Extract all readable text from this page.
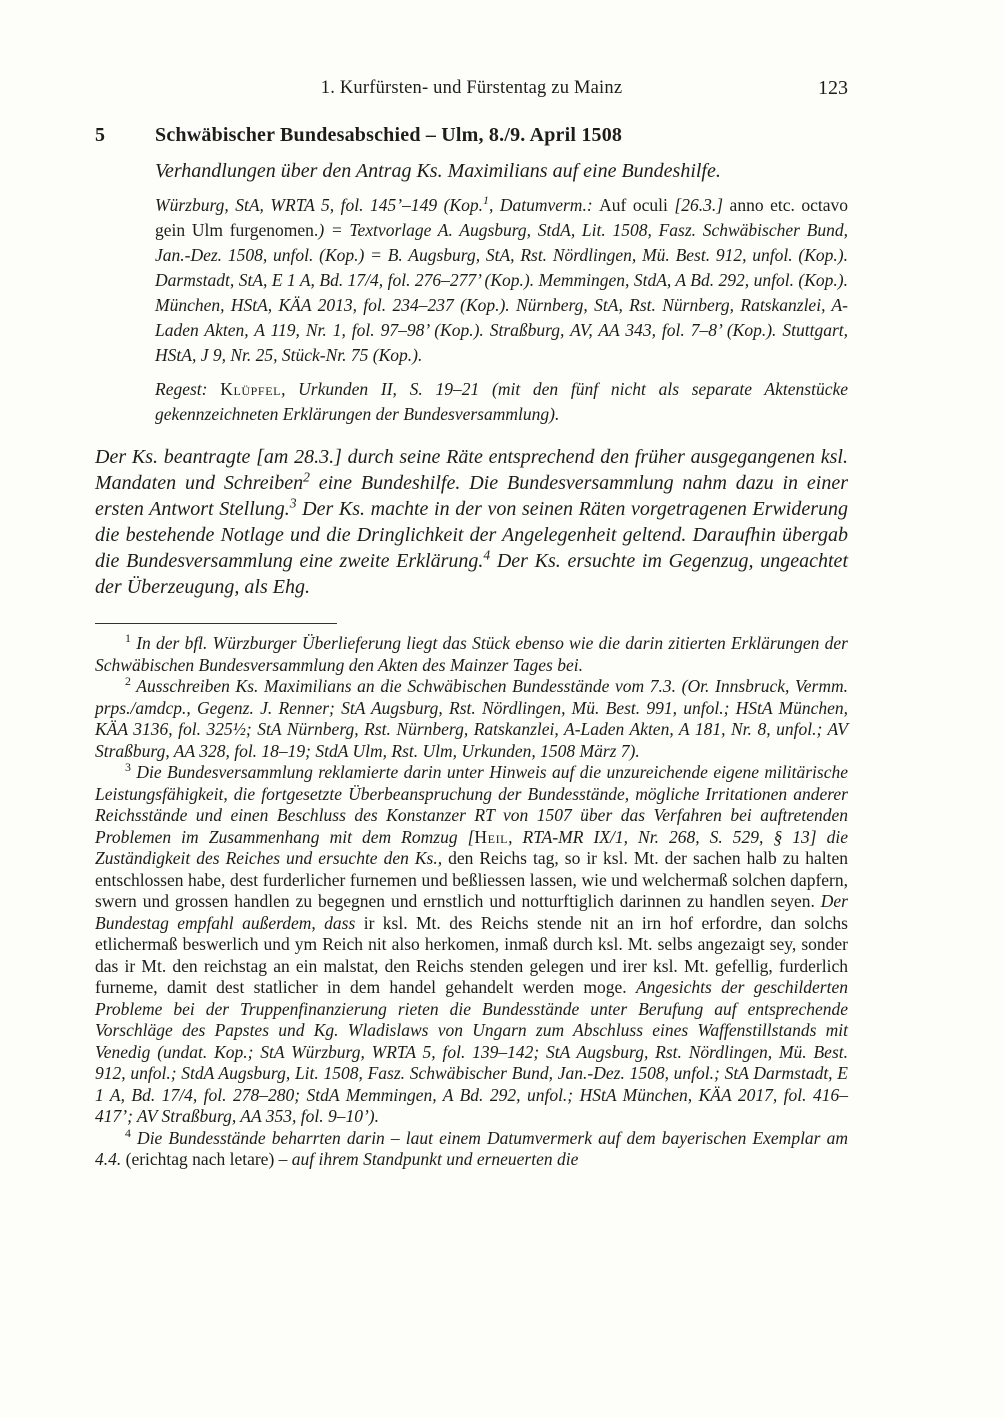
1. Kurfürsten- und Fürstentag zu Mainz	123
5	Schwäbischer Bundesabschied – Ulm, 8./9. April 1508

Verhandlungen über den Antrag Ks. Maximilians auf eine Bundeshilfe.

Würzburg, StA, WRTA 5, fol. 145’–149 (Kop.$^1$, Datumverm.: Auf oculi [26.3.] anno etc. octavo gein Ulm furgenomen.) = Textvorlage A. Augsburg, StdA, Lit. 1508, Fasz. Schwäbischer Bund, Jan.-Dez. 1508, unfol. (Kop.) = B. Augsburg, StA, Rst. Nördlingen, Mü. Best. 912, unfol. (Kop.). Darmstadt, StA, E 1 A, Bd. 17/4, fol. 276–277’ (Kop.). Memmingen, StdA, A Bd. 292, unfol. (Kop.). München, HStA, KÄA 2013, fol. 234–237 (Kop.). Nürnberg, StA, Rst. Nürnberg, Ratskanzlei, A-Laden Akten, A 119, Nr. 1, fol. 97–98’ (Kop.). Straßburg, AV, AA 343, fol. 7–8’ (Kop.). Stuttgart, HStA, J 9, Nr. 25, Stück-Nr. 75 (Kop.).

Regest: Klüpfel, Urkunden II, S. 19–21 (mit den fünf nicht als separate Aktenstücke gekennzeichneten Erklärungen der Bundesversammlung).

Der Ks. beantragte [am 28.3.] durch seine Räte entsprechend den früher ausgegangenen ksl. Mandaten und Schreiben$^2$ eine Bundeshilfe. Die Bundesversammlung nahm dazu in einer ersten Antwort Stellung.$^3$ Der Ks. machte in der von seinen Räten vorgetragenen Erwiderung die bestehende Notlage und die Dringlichkeit der Angelegenheit geltend. Daraufhin übergab die Bundesversammlung eine zweite Erklärung.$^4$ Der Ks. ersuchte im Gegenzug, ungeachtet der Überzeugung, als Ehg.

$^1$ In der bfl. Würzburger Überlieferung liegt das Stück ebenso wie die darin zitierten Erklärungen der Schwäbischen Bundesversammlung den Akten des Mainzer Tages bei.

$^2$ Ausschreiben Ks. Maximilians an die Schwäbischen Bundesstände vom 7.3. (Or. Innsbruck, Vermm. prps./amdcp., Gegenz. J. Renner; StA Augsburg, Rst. Nördlingen, Mü. Best. 991, unfol.; HStA München, KÄA 3136, fol. 325½; StA Nürnberg, Rst. Nürnberg, Ratskanzlei, A-Laden Akten, A 181, Nr. 8, unfol.; AV Straßburg, AA 328, fol. 18–19; StdA Ulm, Rst. Ulm, Urkunden, 1508 März 7).

$^3$ Die Bundesversammlung reklamierte darin unter Hinweis auf die unzureichende eigene militärische Leistungsfähigkeit, die fortgesetzte Überbeanspruchung der Bundesstände, mögliche Irritationen anderer Reichsstände und einen Beschluss des Konstanzer RT von 1507 über das Verfahren bei auftretenden Problemen im Zusammenhang mit dem Romzug [Heil, RTA-MR IX/1, Nr. 268, S. 529, § 13] die Zuständigkeit des Reiches und ersuchte den Ks., den Reichs tag, so ir ksl. Mt. der sachen halb zu halten entschlossen habe, dest furderlicher furnemen und beßliessen lassen, wie und welchermaß solchen dapfern, swern und grossen handlen zu begegnen und ernstlich und notturftiglich darinnen zu handlen seyen. Der Bundestag empfahl außerdem, dass ir ksl. Mt. des Reichs stende nit an irn hof erfordre, dan solchs etlichermaß beswerlich und ym Reich nit also herkomen, inmaß durch ksl. Mt. selbs angezaigt sey, sonder das ir Mt. den reichstag an ein malstat, den Reichs stenden gelegen und irer ksl. Mt. gefellig, furderlich furneme, damit dest statlicher in dem handel gehandelt werden moge. Angesichts der geschilderten Probleme bei der Truppenfinanzierung rieten die Bundesstände unter Berufung auf entsprechende Vorschläge des Papstes und Kg. Wladislaws von Ungarn zum Abschluss eines Waffenstillstands mit Venedig (undat. Kop.; StA Würzburg, WRTA 5, fol. 139–142; StA Augsburg, Rst. Nördlingen, Mü. Best. 912, unfol.; StdA Augsburg, Lit. 1508, Fasz. Schwäbischer Bund, Jan.-Dez. 1508, unfol.; StA Darmstadt, E 1 A, Bd. 17/4, fol. 278–280; StdA Memmingen, A Bd. 292, unfol.; HStA München, KÄA 2017, fol. 416–417’; AV Straßburg, AA 353, fol. 9–10’).

$^4$ Die Bundesstände beharrten darin – laut einem Datumvermerk auf dem bayerischen Exemplar am 4.4. (erichtag nach letare) – auf ihrem Standpunkt und erneuerten die
